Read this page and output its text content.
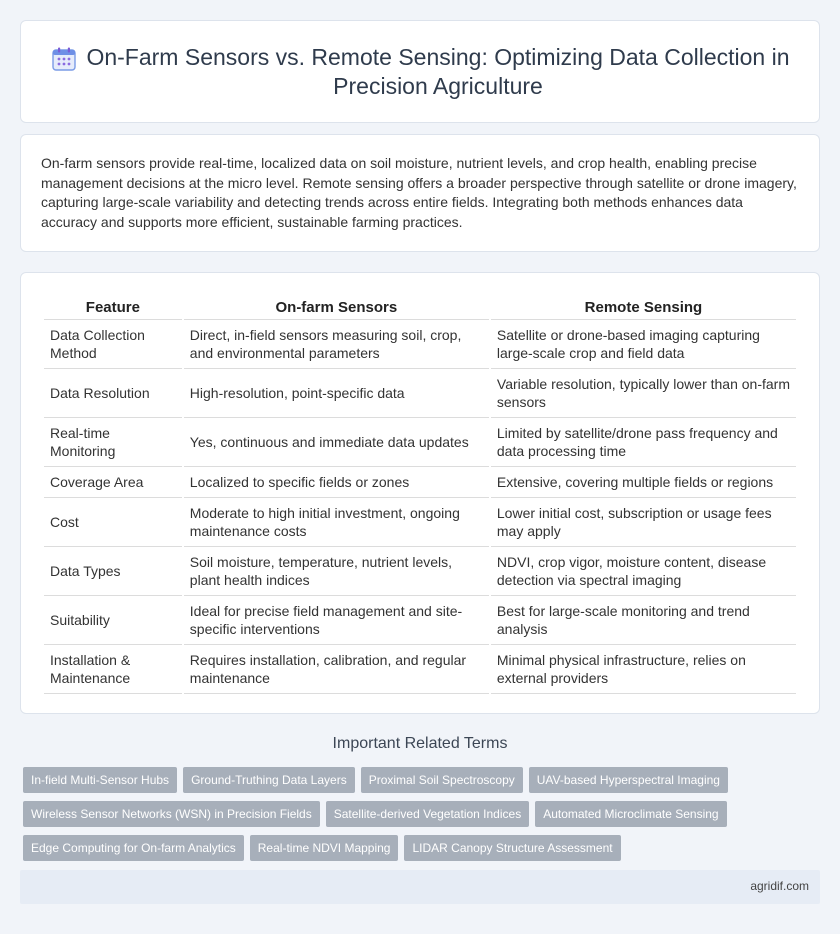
On-Farm Sensors vs. Remote Sensing: Optimizing Data Collection in Precision Agriculture

On-farm sensors provide real-time, localized data on soil moisture, nutrient levels, and crop health, enabling precise management decisions at the micro level. Remote sensing offers a broader perspective through satellite or drone imagery, capturing large-scale variability and detecting trends across entire fields. Integrating both methods enhances data accuracy and supports more efficient, sustainable farming practices.

Feature	On-farm Sensors	Remote Sensing
Data Collection Method	Direct, in-field sensors measuring soil, crop, and environmental parameters	Satellite or drone-based imaging capturing large-scale crop and field data
Data Resolution	High-resolution, point-specific data	Variable resolution, typically lower than on-farm sensors
Real-time Monitoring	Yes, continuous and immediate data updates	Limited by satellite/drone pass frequency and data processing time
Coverage Area	Localized to specific fields or zones	Extensive, covering multiple fields or regions
Cost	Moderate to high initial investment, ongoing maintenance costs	Lower initial cost, subscription or usage fees may apply
Data Types	Soil moisture, temperature, nutrient levels, plant health indices	NDVI, crop vigor, moisture content, disease detection via spectral imaging
Suitability	Ideal for precise field management and site-specific interventions	Best for large-scale monitoring and trend analysis
Installation & Maintenance	Requires installation, calibration, and regular maintenance	Minimal physical infrastructure, relies on external providers
Important Related Terms
In-field Multi-Sensor Hubs	Ground-Truthing Data Layers	Proximal Soil Spectroscopy	UAV-based Hyperspectral Imaging
Wireless Sensor Networks (WSN) in Precision Fields	Satellite-derived Vegetation Indices	Automated Microclimate Sensing
Edge Computing for On-farm Analytics	Real-time NDVI Mapping	LIDAR Canopy Structure Assessment
agridif.com
